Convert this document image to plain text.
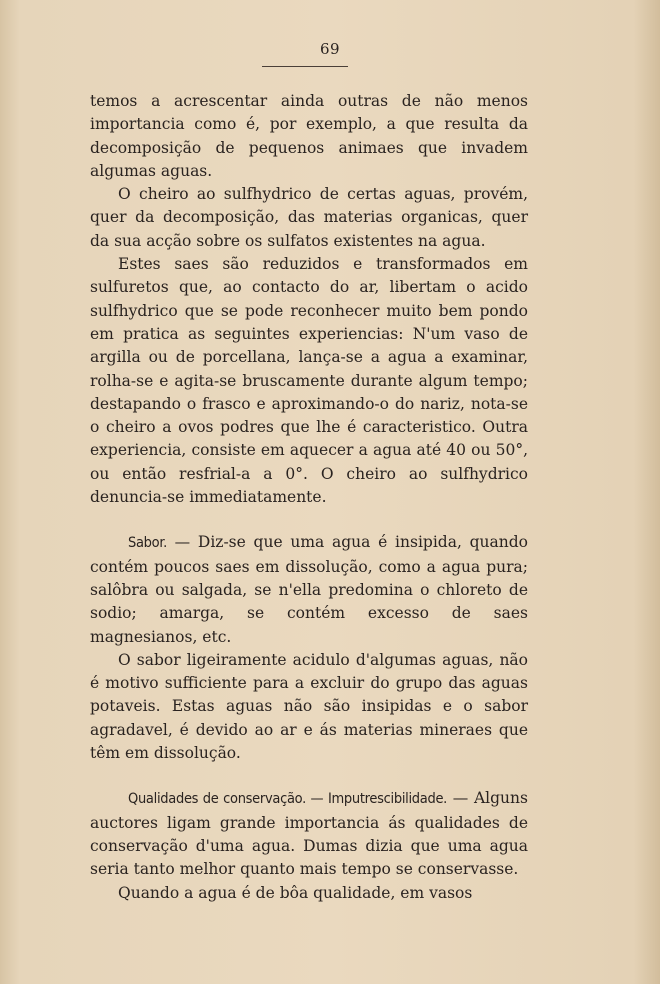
69

temos a acrescentar ainda outras de não menos importancia como é, por exemplo, a que resulta da decomposição de pequenos animaes que invadem algumas aguas.

O cheiro ao sulfhydrico de certas aguas, provém, quer da decomposição, das materias organicas, quer da sua acção sobre os sulfatos existentes na agua.

Estes saes são reduzidos e transformados em sulfuretos que, ao contacto do ar, libertam o acido sulfhydrico que se pode reconhecer muito bem pondo em pratica as seguintes experiencias: N'um vaso de argilla ou de porcellana, lança-se a agua a examinar, rolha-se e agita-se bruscamente durante algum tempo; destapando o frasco e aproximando-o do nariz, nota-se o cheiro a ovos podres que lhe é caracteristico. Outra experiencia, consiste em aquecer a agua até 40 ou 50°, ou então resfrial-a a 0°. O cheiro ao sulfhydrico denuncia-se immediatamente.

Sabor. — Diz-se que uma agua é insipida, quando contém poucos saes em dissolução, como a agua pura; salôbra ou salgada, se n'ella predomina o chloreto de sodio; amarga, se contém excesso de saes magnesianos, etc.

O sabor ligeiramente acidulo d'algumas aguas, não é motivo sufficiente para a excluir do grupo das aguas potaveis. Estas aguas não são insipidas e o sabor agradavel, é devido ao ar e ás materias mineraes que têm em dissolução.

Qualidades de conservação. — Imputrescibilidade. — Alguns auctores ligam grande importancia ás qualidades de conservação d'uma agua. Dumas dizia que uma agua seria tanto melhor quanto mais tempo se conservasse.

Quando a agua é de bôa qualidade, em vasos
